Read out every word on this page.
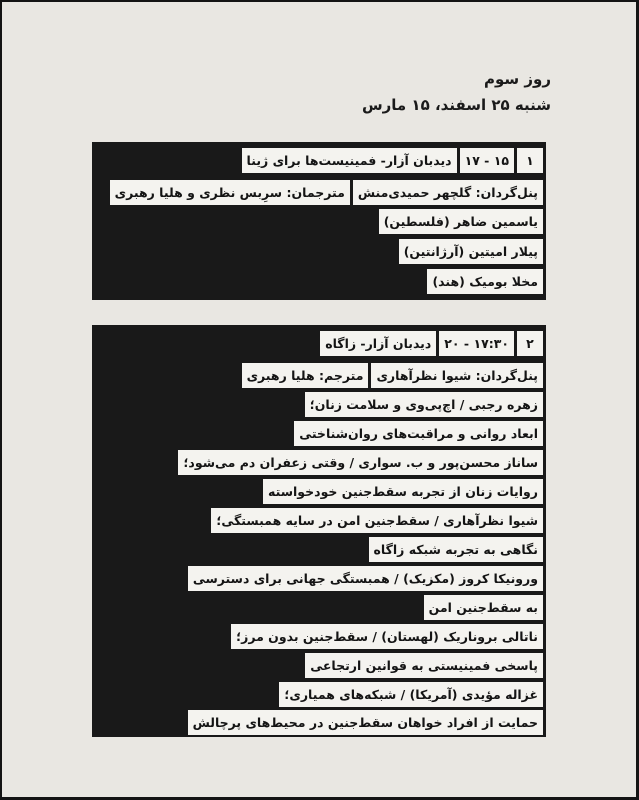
روز سوم
شنبه ۲۵ اسفند، ۱۵ مارس
۱
۱۵ - ۱۷
دیدبان آزار- فمینیست‌ها برای ژینا
پنل‌گردان: گلچهر حمیدی‌منش
مترجمان: سرِبس نظری و هلیا رهبری
یاسمین ضاهر (فلسطین)
پیلار امیتین (آرژانتین)
مخلا بومیک (هند)
۲
۱۷:۳۰ - ۲۰
دیدبان آزار- زاگاه
پنل‌گردان: شیوا نظرآهاری
مترجم: هلیا رهبری
زهره رجبی / اچ‌پی‌وی و سلامت زنان؛
ابعاد روانی و مراقبت‌های روان‌شناختی
ساناز محسن‌پور و ب. سواری / وقتی زعفران دم می‌شود؛
روایات زنان از تجربه سقط‌جنین خودخواسته
شیوا نظرآهاری / سقط‌جنین امن در سایه همبستگی؛
نگاهی به تجربه شبکه زاگاه
ورونیکا کروز (مکزیک) / همبستگی جهانی برای دسترسی
به سقط‌جنین امن
ناتالی بروناریک (لهستان) / سقط‌جنین بدون مرز؛
پاسخی فمینیستی به قوانین ارتجاعی
غزاله مؤیدی (آمریکا) / شبکه‌های همیاری؛
حمایت از افراد خواهان سقط‌جنین در محیط‌های پرچالش
